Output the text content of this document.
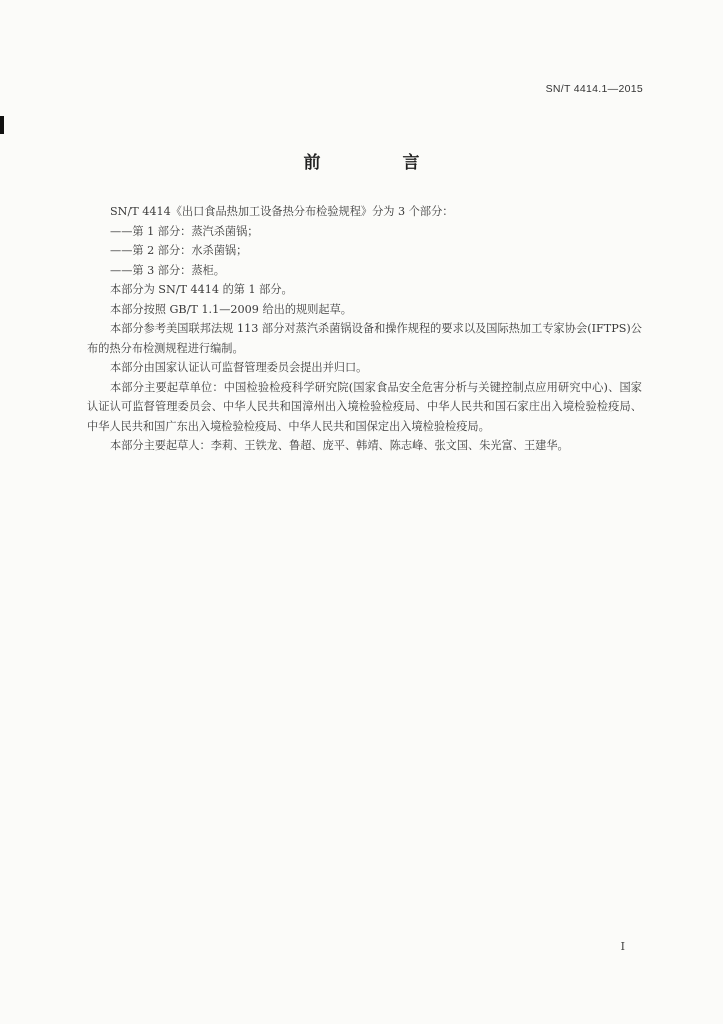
SN/T 4414.1—2015
前 言

SN/T 4414《出口食品热加工设备热分布检验规程》分为 3 个部分：

——第 1 部分：蒸汽杀菌锅；

——第 2 部分：水杀菌锅；

——第 3 部分：蒸柜。

本部分为 SN/T 4414 的第 1 部分。

本部分按照 GB/T 1.1—2009 给出的规则起草。

本部分参考美国联邦法规 113 部分对蒸汽杀菌锅设备和操作规程的要求以及国际热加工专家协会(IFTPS)公布的热分布检测规程进行编制。

本部分由国家认证认可监督管理委员会提出并归口。

本部分主要起草单位：中国检验检疫科学研究院(国家食品安全危害分析与关键控制点应用研究中心)、国家认证认可监督管理委员会、中华人民共和国漳州出入境检验检疫局、中华人民共和国石家庄出入境检验检疫局、中华人民共和国广东出入境检验检疫局、中华人民共和国保定出入境检验检疫局。

本部分主要起草人：李莉、王铁龙、鲁超、庞平、韩靖、陈志峰、张文国、朱光富、王建华。

I
